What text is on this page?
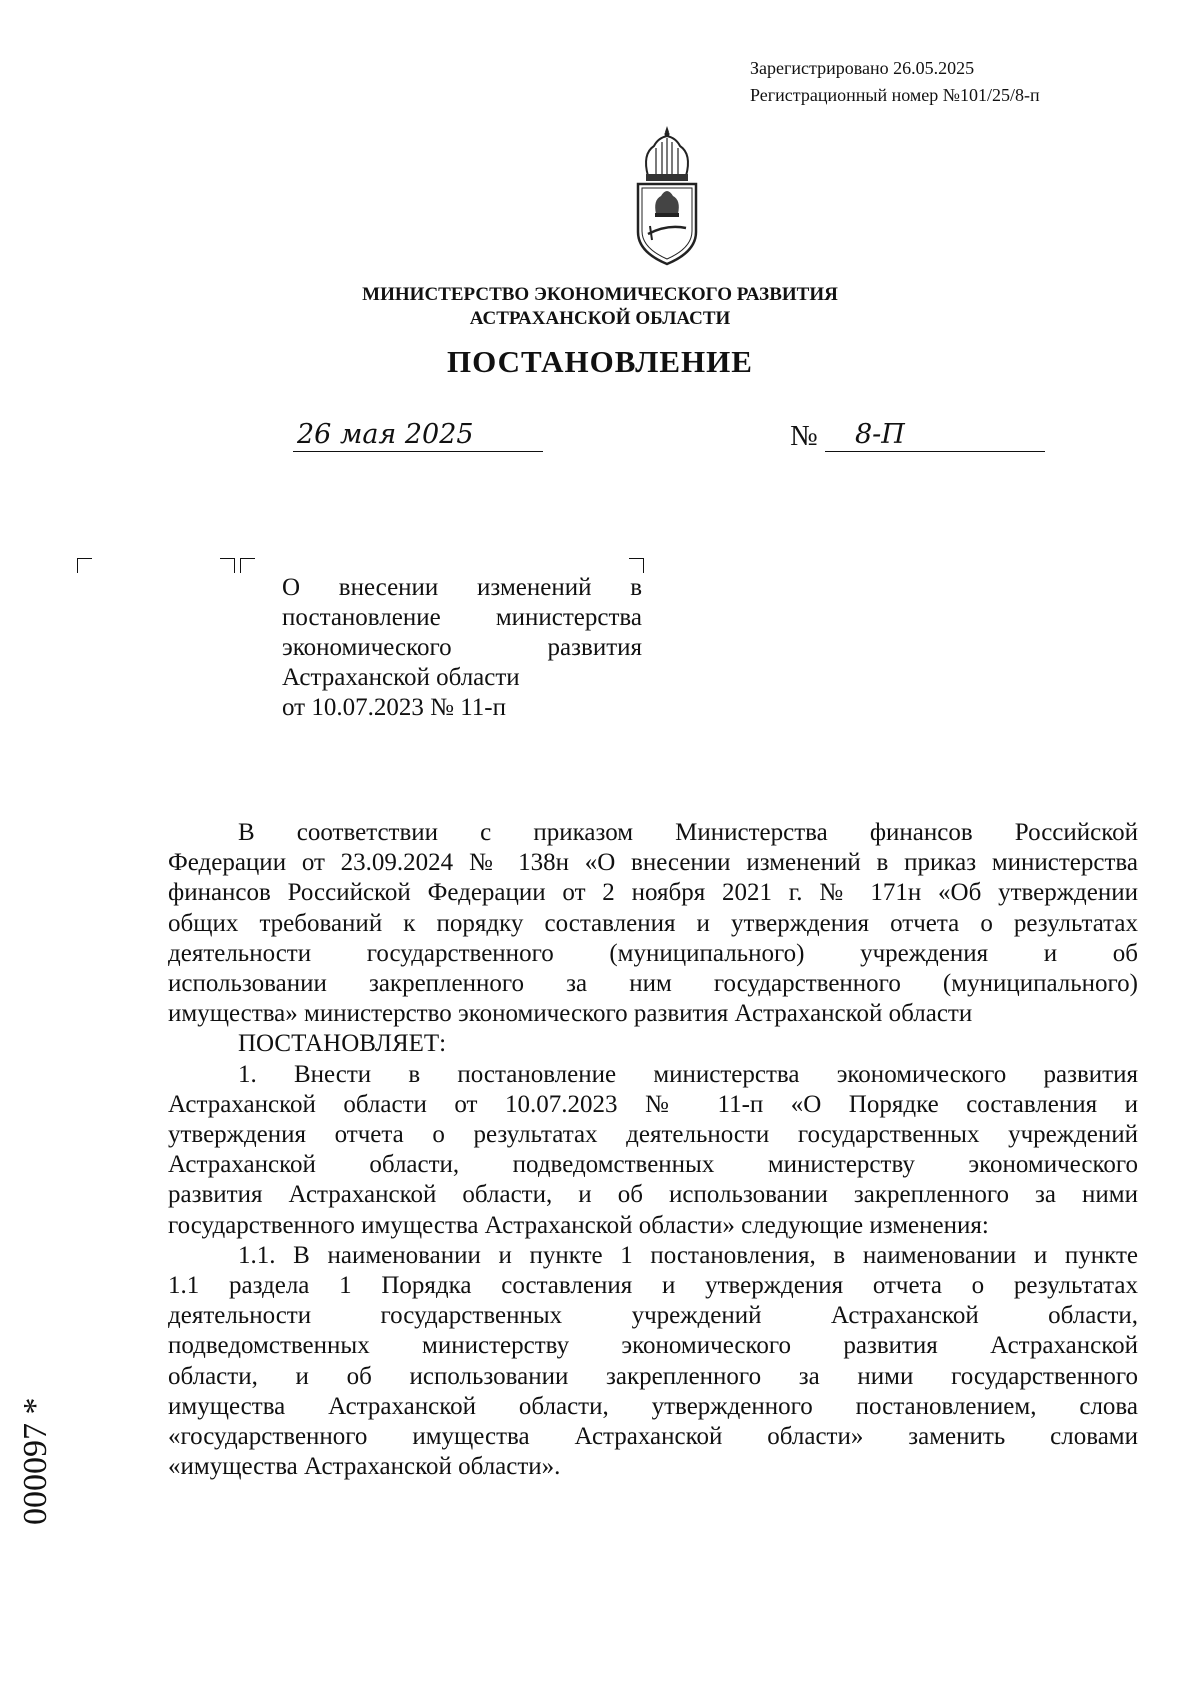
Зарегистрировано 26.05.2025
Регистрационный номер №101/25/8-п
МИНИСТЕРСТВО ЭКОНОМИЧЕСКОГО РАЗВИТИЯ
АСТРАХАНСКОЙ ОБЛАСТИ
ПОСТАНОВЛЕНИЕ
26 мая 2025	№	8-П
О внесении изменений в
постановление министерства
экономического развития
Астраханской области
от 10.07.2023 № 11-п
В соответствии с приказом Министерства финансов Российской
Федерации от 23.09.2024 № 138н «О внесении изменений в приказ министерства
финансов Российской Федерации от 2 ноября 2021 г. № 171н «Об утверждении
общих требований к порядку составления и утверждения отчета о результатах
деятельности государственного (муниципального) учреждения и об
использовании закрепленного за ним государственного (муниципального)
имущества» министерство экономического развития Астраханской области
ПОСТАНОВЛЯЕТ:
1. Внести в постановление министерства экономического развития
Астраханской области от 10.07.2023 № 11-п «О Порядке составления и
утверждения отчета о результатах деятельности государственных учреждений
Астраханской области, подведомственных министерству экономического
развития Астраханской области, и об использовании закрепленного за ними
государственного имущества Астраханской области» следующие изменения:
1.1. В наименовании и пункте 1 постановления, в наименовании и пункте
1.1 раздела 1 Порядка составления и утверждения отчета о результатах
деятельности государственных учреждений Астраханской области,
подведомственных министерству экономического развития Астраханской
области, и об использовании закрепленного за ними государственного
имущества Астраханской области, утвержденного постановлением, слова
«государственного имущества Астраханской области» заменить словами
«имущества Астраханской области».
000097 *
